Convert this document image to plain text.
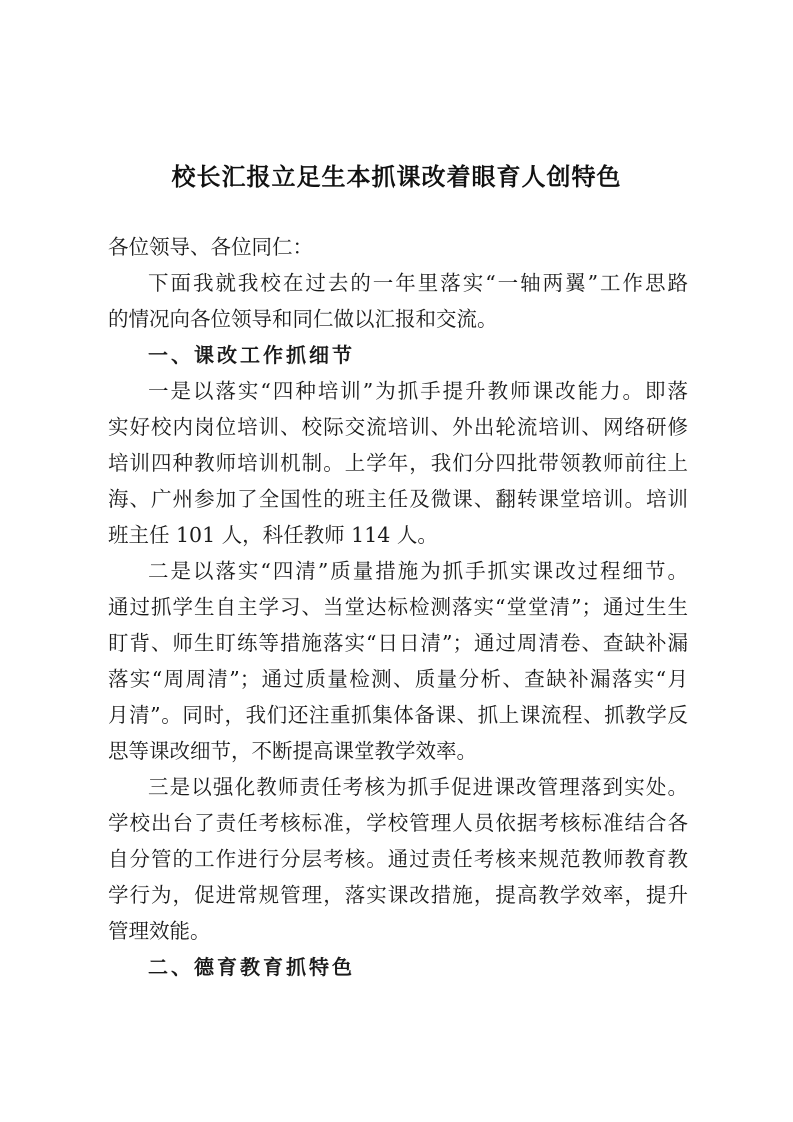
校长汇报立足生本抓课改着眼育人创特色
各位领导、各位同仁：
下面我就我校在过去的一年里落实“一轴两翼”工作思路
的情况向各位领导和同仁做以汇报和交流。
一、课改工作抓细节
一是以落实“四种培训”为抓手提升教师课改能力。即落
实好校内岗位培训、校际交流培训、外出轮流培训、网络研修
培训四种教师培训机制。上学年，我们分四批带领教师前往上
海、广州参加了全国性的班主任及微课、翻转课堂培训。培训
班主任 101 人，科任教师 114 人。
二是以落实“四清”质量措施为抓手抓实课改过程细节。
通过抓学生自主学习、当堂达标检测落实“堂堂清”；通过生生
盯背、师生盯练等措施落实“日日清”；通过周清卷、查缺补漏
落实“周周清”；通过质量检测、质量分析、查缺补漏落实“月
月清”。同时，我们还注重抓集体备课、抓上课流程、抓教学反
思等课改细节，不断提高课堂教学效率。
三是以强化教师责任考核为抓手促进课改管理落到实处。
学校出台了责任考核标准，学校管理人员依据考核标准结合各
自分管的工作进行分层考核。通过责任考核来规范教师教育教
学行为，促进常规管理，落实课改措施，提高教学效率，提升
管理效能。
二、德育教育抓特色
